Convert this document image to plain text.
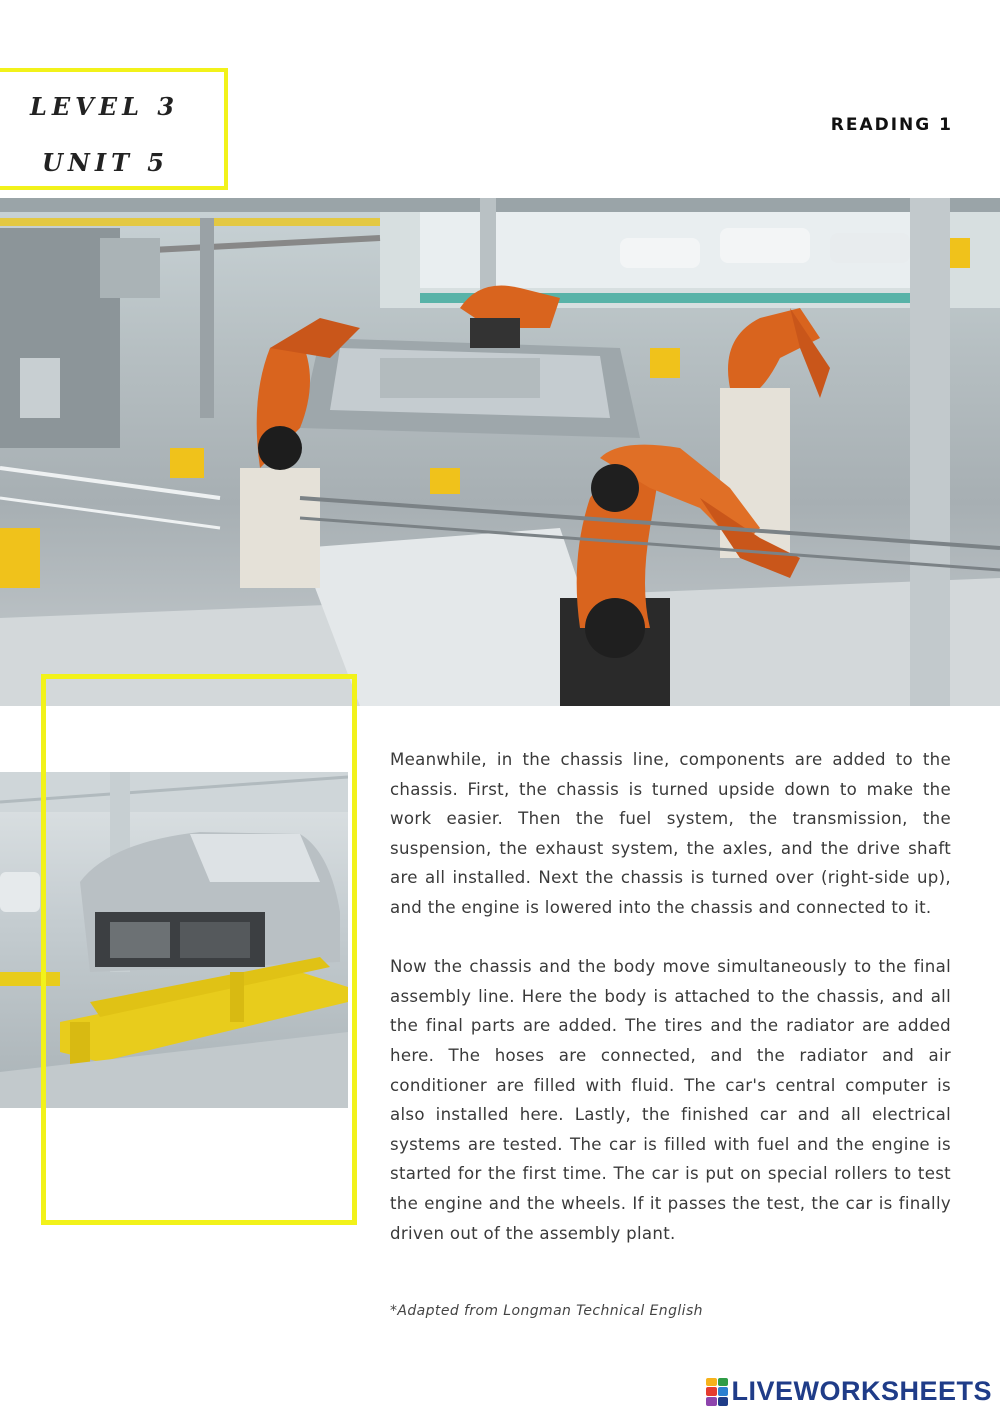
LEVEL 3
UNIT 5
READING 1

Meanwhile, in the chassis line, components are added to the chassis. First, the chassis is turned upside down to make the work easier. Then the fuel system, the transmission, the suspension, the exhaust system, the axles, and the drive shaft are all installed. Next the chassis is turned over (right-side up), and the engine is lowered into the chassis and connected to it.

Now the chassis and the body move simultaneously to the final assembly line. Here the body is attached to the chassis, and all the final parts are added. The tires and the radiator are added here. The hoses are connected, and the radiator and air conditioner are filled with fluid. The car's central computer is also installed here. Lastly, the finished car and all electrical systems are tested. The car is filled with fuel and the engine is started for the first time. The car is put on special rollers to test the engine and the wheels. If it passes the test, the car is finally driven out of the assembly plant.

*Adapted from Longman Technical English
LIVEWORKSHEETS
